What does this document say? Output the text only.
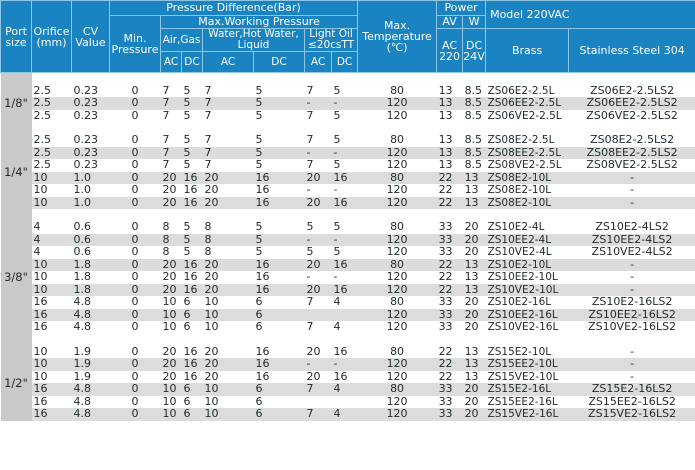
Port size	Orifice (mm)	CV Value	Pressure Difference(Bar)							Max. Temperature (℃)	Power		Model 220VAC	
			Min. Pressure	Max.Working Pressure							AV	W		
				Air,Gas		Water,Hot Water, Liquid		Light Oil ≤20csTT			AC 220	DC 24V	Brass	Stainless Steel 304
				AC	DC	AC	DC	AC	DC					

1/8"	2.5	0.23	0	7	5	7	5	7	5	80	13	8.5	ZS06E2-2.5L	ZS06E2-2.5LS2
	2.5	0.23	0	7	5	7	5	-	-	120	13	8.5	ZS06EE2-2.5L	ZS06EE2-2.5LS2
	2.5	0.23	0	7	5	7	5	7	5	120	13	8.5	ZS06VE2-2.5L	ZS06VE2-2.5LS2

1/4"	2.5	0.23	0	7	5	7	5	7	5	80	13	8.5	ZS08E2-2.5L	ZS08E2-2.5LS2
	2.5	0.23	0	7	5	7	5	-	-	120	13	8.5	ZS08EE2-2.5L	ZS08EE2-2.5LS2
	2.5	0.23	0	7	5	7	5	7	5	120	13	8.5	ZS08VE2-2.5L	ZS08VE2-2.5LS2
	10	1.0	0	20	16	20	16	20	16	80	22	13	ZS08E2-10L	-
	10	1.0	0	20	16	20	16	-	-	120	22	13	ZS08E2-10L	-
	10	1.0	0	20	16	20	16	20	16	120	22	13	ZS08E2-10L	-

3/8"	4	0.6	0	8	5	8	5	5	5	80	33	20	ZS10E2-4L	ZS10E2-4LS2
	4	0.6	0	8	5	8	5	-	-	120	33	20	ZS10EE2-4L	ZS10EE2-4LS2
	4	0.6	0	8	5	8	5	5	5	120	33	20	ZS10VE2-4L	ZS10VE2-4LS2
	10	1.8	0	20	16	20	16	20	16	80	22	13	ZS10E2-10L	-
	10	1.8	0	20	16	20	16	-	-	120	22	13	ZS10EE2-10L	-
	10	1.8	0	20	16	20	16	20	16	120	22	13	ZS10VE2-10L	-
	16	4.8	0	10	6	10	6	7	4	80	33	20	ZS10E2-16L	ZS10E2-16LS2
	16	4.8	0	10	6	10	6			120	33	20	ZS10EE2-16L	ZS10EE2-16LS2
	16	4.8	0	10	6	10	6	7	4	120	33	20	ZS10VE2-16L	ZS10VE2-16LS2

1/2"	10	1.9	0	20	16	20	16	20	16	80	22	13	ZS15E2-10L	-
	10	1.9	0	20	16	20	16	-	-	120	22	13	ZS15EE2-10L	-
	10	1.9	0	20	16	20	16	20	16	120	22	13	ZS15VE2-10L	-
	16	4.8	0	10	6	10	6	7	4	80	33	20	ZS15E2-16L	ZS15E2-16LS2
	16	4.8	0	10	6	10	6			120	33	20	ZS15EE2-16L	ZS15EE2-16LS2
	16	4.8	0	10	6	10	6	7	4	120	33	20	ZS15VE2-16L	ZS15VE2-16LS2
